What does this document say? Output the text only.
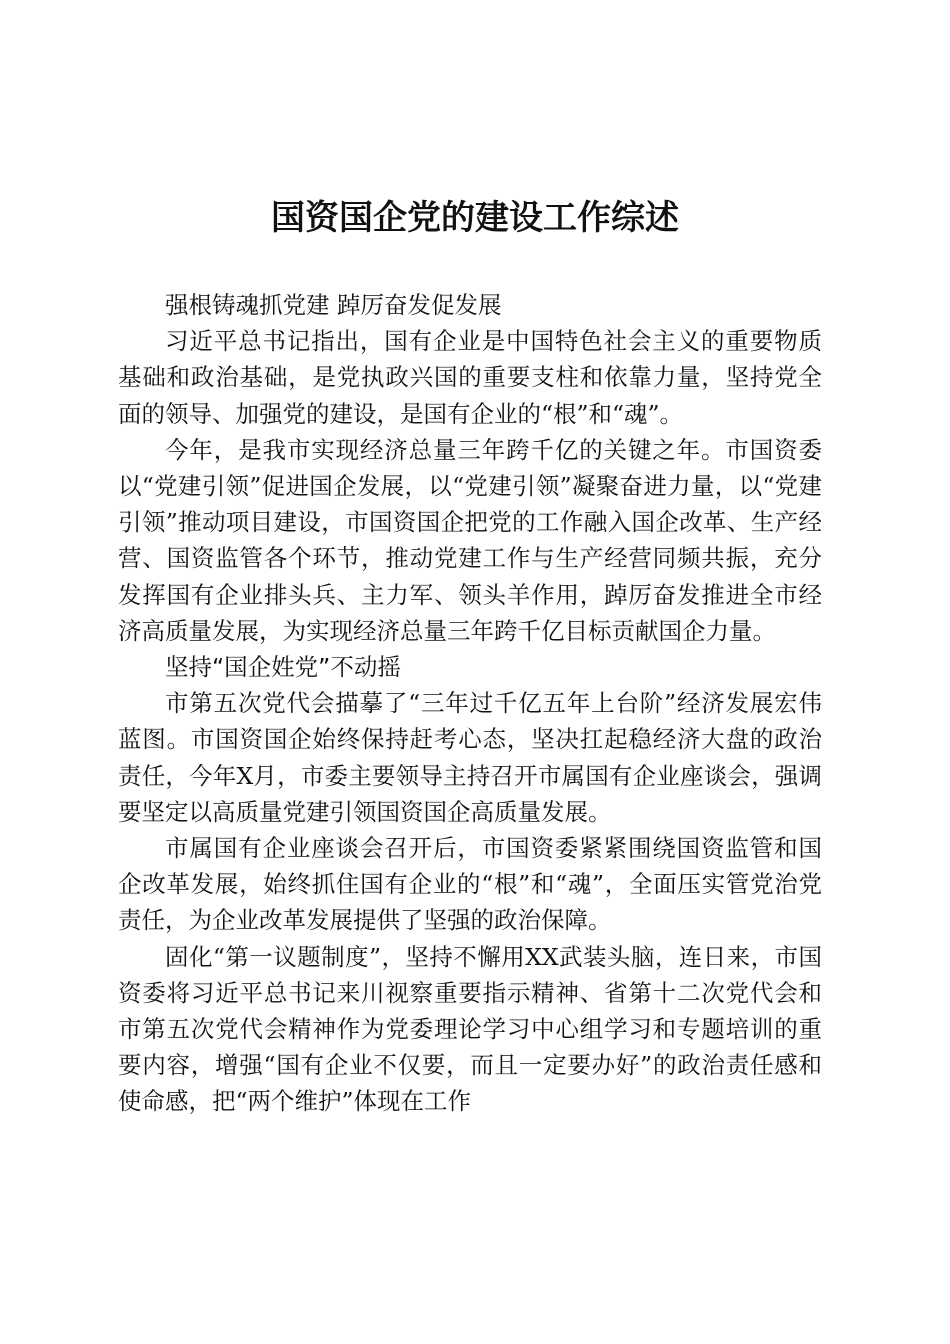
国资国企党的建设工作综述
强根铸魂抓党建 踔厉奋发促发展

习近平总书记指出，国有企业是中国特色社会主义的重要物质基础和政治基础，是党执政兴国的重要支柱和依靠力量，坚持党全面的领导、加强党的建设，是国有企业的“根”和“魂”。

今年，是我市实现经济总量三年跨千亿的关键之年。市国资委以“党建引领”促进国企发展，以“党建引领”凝聚奋进力量，以“党建引领”推动项目建设，市国资国企把党的工作融入国企改革、生产经营、国资监管各个环节，推动党建工作与生产经营同频共振，充分发挥国有企业排头兵、主力军、领头羊作用，踔厉奋发推进全市经济高质量发展，为实现经济总量三年跨千亿目标贡献国企力量。

坚持“国企姓党”不动摇

市第五次党代会描摹了“三年过千亿五年上台阶”经济发展宏伟蓝图。市国资国企始终保持赶考心态，坚决扛起稳经济大盘的政治责任，今年X月，市委主要领导主持召开市属国有企业座谈会，强调要坚定以高质量党建引领国资国企高质量发展。

市属国有企业座谈会召开后，市国资委紧紧围绕国资监管和国企改革发展，始终抓住国有企业的“根”和“魂”，全面压实管党治党责任，为企业改革发展提供了坚强的政治保障。

固化“第一议题制度”，坚持不懈用XX武装头脑，连日来，市国资委将习近平总书记来川视察重要指示精神、省第十二次党代会和市第五次党代会精神作为党委理论学习中心组学习和专题培训的重要内容，增强“国有企业不仅要，而且一定要办好”的政治责任感和使命感，把“两个维护”体现在工作
